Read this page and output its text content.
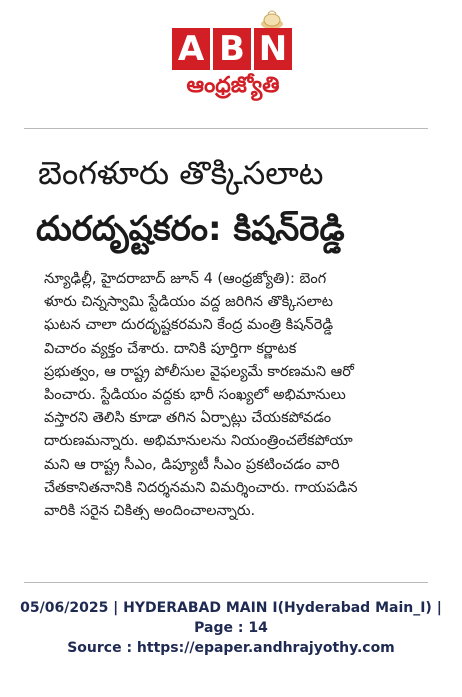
A B N
ఆంధ్రజ్యోతి
బెంగళూరు తొక్కిసలాట
దురదృష్టకరం: కిషన్‌రెడ్డి
న్యూఢిల్లీ, హైదరాబాద్ జూన్ 4 (ఆంధ్రజ్యోతి): బెంగ
ళూరు చిన్నస్వామి స్టేడియం వద్ద జరిగిన తొక్కిసలాట
ఘటన చాలా దురదృష్టకరమని కేంద్ర మంత్రి కిషన్‌రెడ్డి
విచారం వ్యక్తం చేశారు. దానికి పూర్తిగా కర్ణాటక
ప్రభుత్వం, ఆ రాష్ట్ర పోలీసుల వైఫల్యమే కారణమని ఆరో
పించారు. స్టేడియం వద్దకు భారీ సంఖ్యలో అభిమానులు
వస్తారని తెలిసి కూడా తగిన ఏర్పాట్లు చేయకపోవడం
దారుణమన్నారు. అభిమానులను నియంత్రించలేకపోయా
మని ఆ రాష్ట్ర సీఎం, డిప్యూటీ సీఎం ప్రకటించడం వారి
చేతకానితనానికి నిదర్శనమని విమర్శించారు. గాయపడిన
వారికి సరైన చికిత్స అందించాలన్నారు.
05/06/2025 | HYDERABAD MAIN I(Hyderabad Main_I) |
Page : 14
Source : https://epaper.andhrajyothy.com
